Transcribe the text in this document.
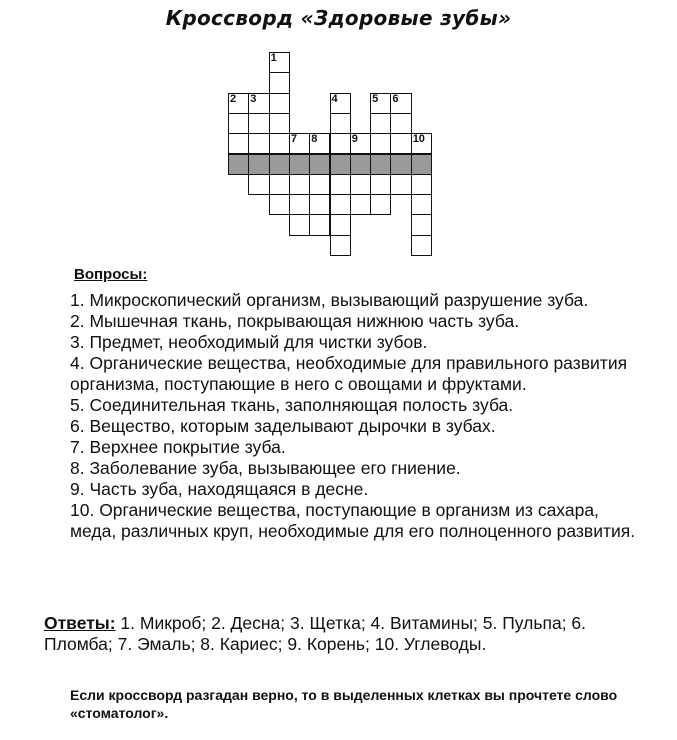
Кроссворд «Здоровые зубы»
2 3
1
7 8
4
9
5 6
10
Вопросы:

1. Микроскопический организм, вызывающий разрушение зуба.

2. Мышечная ткань, покрывающая нижнюю часть зуба.

3. Предмет, необходимый для чистки зубов.

4. Органические вещества, необходимые для правильного развития организма, поступающие в него с овощами и фруктами.

5. Соединительная ткань, заполняющая полость зуба.

6. Вещество, которым заделывают дырочки в зубах.

7. Верхнее покрытие зуба.

8. Заболевание зуба, вызывающее его гниение.

9. Часть зуба, находящаяся в десне.

10. Органические вещества, поступающие в организм из сахара, меда, различных круп, необходимые для его полноценного развития.

Ответы: 1. Микроб; 2. Десна; 3. Щетка; 4. Витамины; 5. Пульпа; 6. Пломба; 7. Эмаль; 8. Кариес; 9. Корень; 10. Углеводы.
Если кроссворд разгадан верно, то в выделенных клетках вы прочтете слово «стоматолог».
